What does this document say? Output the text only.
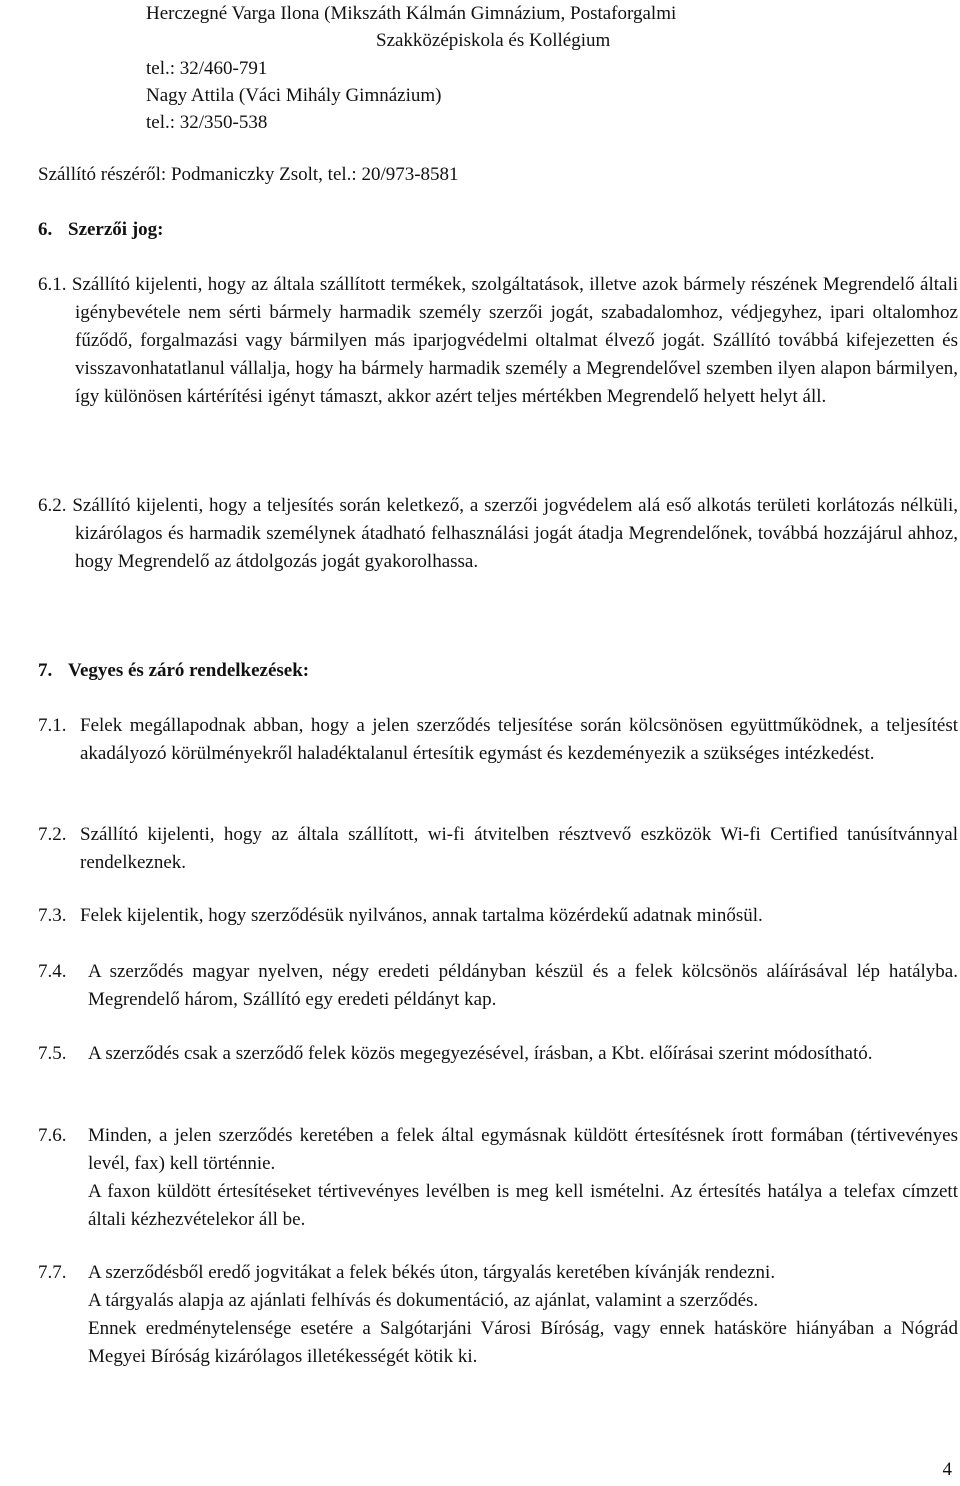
Herczegné Varga Ilona (Mikszáth Kálmán Gimnázium, Postaforgalmi
Szakközépiskola és Kollégium
tel.: 32/460-791
Nagy Attila (Váci Mihály Gimnázium)
tel.: 32/350-538
Szállító részéről: Podmaniczky Zsolt, tel.: 20/973-8581
6. Szerzői jog:

6.1. Szállító kijelenti, hogy az általa szállított termékek, szolgáltatások, illetve azok bármely részének Megrendelő általi igénybevétele nem sérti bármely harmadik személy szerzői jogát, szabadalomhoz, védjegyhez, ipari oltalomhoz fűződő, forgalmazási vagy bármilyen más iparjogvédelmi oltalmat élvező jogát. Szállító továbbá kifejezetten és visszavonhatatlanul vállalja, hogy ha bármely harmadik személy a Megrendelővel szemben ilyen alapon bármilyen, így különösen kártérítési igényt támaszt, akkor azért teljes mértékben Megrendelő helyett helyt áll.

6.2. Szállító kijelenti, hogy a teljesítés során keletkező, a szerzői jogvédelem alá eső alkotás területi korlátozás nélküli, kizárólagos és harmadik személynek átadható felhasználási jogát átadja Megrendelőnek, továbbá hozzájárul ahhoz, hogy Megrendelő az átdolgozás jogát gyakorolhassa.

7. Vegyes és záró rendelkezések:
7.1. Felek megállapodnak abban, hogy a jelen szerződés teljesítése során kölcsönösen együttműködnek, a teljesítést akadályozó körülményekről haladéktalanul értesítik egymást és kezdeményezik a szükséges intézkedést.

7.2. Szállító kijelenti, hogy az általa szállított, wi-fi átvitelben résztvevő eszközök Wi-fi Certified tanúsítvánnyal rendelkeznek.

7.3. Felek kijelentik, hogy szerződésük nyilvános, annak tartalma közérdekű adatnak minősül.

7.4. A szerződés magyar nyelven, négy eredeti példányban készül és a felek kölcsönös aláírásával lép hatályba. Megrendelő három, Szállító egy eredeti példányt kap.

7.5. A szerződés csak a szerződő felek közös megegyezésével, írásban, a Kbt. előírásai szerint módosítható.

7.6. Minden, a jelen szerződés keretében a felek által egymásnak küldött értesítésnek írott formában (tértivevényes levél, fax) kell történnie.

A faxon küldött értesítéseket tértivevényes levélben is meg kell ismételni. Az értesítés hatálya a telefax címzett általi kézhezvételekor áll be.

7.7. A szerződésből eredő jogvitákat a felek békés úton, tárgyalás keretében kívánják rendezni.

A tárgyalás alapja az ajánlati felhívás és dokumentáció, az ajánlat, valamint a szerződés.

Ennek eredménytelensége esetére a Salgótarjáni Városi Bíróság, vagy ennek hatásköre hiányában a Nógrád Megyei Bíróság kizárólagos illetékességét kötik ki.

4
